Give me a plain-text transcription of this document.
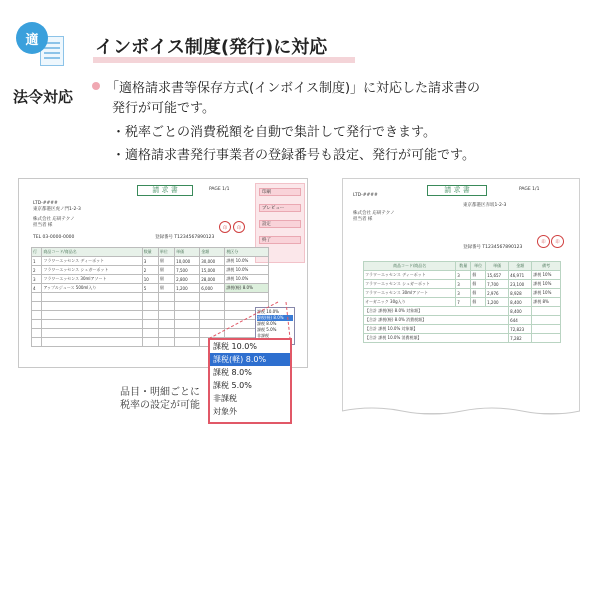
適	インボイス制度(発行)に対応
法令対応	「適格請求書等保存方式(インボイス制度)」に対応した請求書の
発行が可能です。
・税率ごとの消費税額を自動で集計して発行できます。
・適格請求書発行事業者の登録番号も設定、発行が可能です。
請 求 書	PAGE 1/1
LTD-####
東京都港区虎ノ門1-2-3
株式会社 応研テクノ
担当者 様
TEL 03-0000-0000	登録番号 T1234567890123
印	印
印刷
プレビュー
設定
終了
行	商品コード/商品名	数量	単位	単価	金額	税区分
1	フラワーエッセンス ディーポット	3	個	10,000	30,000	課税 10.0%
2	フラワーエッセンス シュガーポット	2	個	7,500	15,000	課税 10.0%
3	フラワーエッセンス 30mlアソート	10	個	2,800	28,000	課税 10.0%
4	アップルジュース 500ml入り	5	個	1,200	6,000	課税(軽) 8.0%

課税 10.0%
課税(軽) 8.0%
課税 8.0%
課税 5.0%
非課税
課税 10.0%
課税(軽) 8.0%
課税 8.0%
課税 5.0%
非課税
対象外
品目・明細ごとに
税率の設定が可能
請 求 書	PAGE 1/1
LTD-####
株式会社 応研テクノ
担当者 様
東京都港区赤坂1-2-3
登録番号 T1234567890123
印	印
商品コード/商品名	数量	単位	単価	金額	備考
フラワーエッセンス ディーポット	3	個	15,657	46,971	課税 10%
フラワーエッセンス シュガーポット	3	個	7,700	23,100	課税 10%
フラワーエッセンス 30mlアソート	3	個	2,976	8,928	課税 10%
オーガニック 30g入り	7	個	1,200	8,400	課税 8%
【合計 課税(軽) 8.0% 対象額】				8,400	
【合計 課税(軽) 8.0% 消費税額】				644	
【合計 課税 10.0% 対象額】				72,823	
【合計 課税 10.0% 消費税額】				7,282	
